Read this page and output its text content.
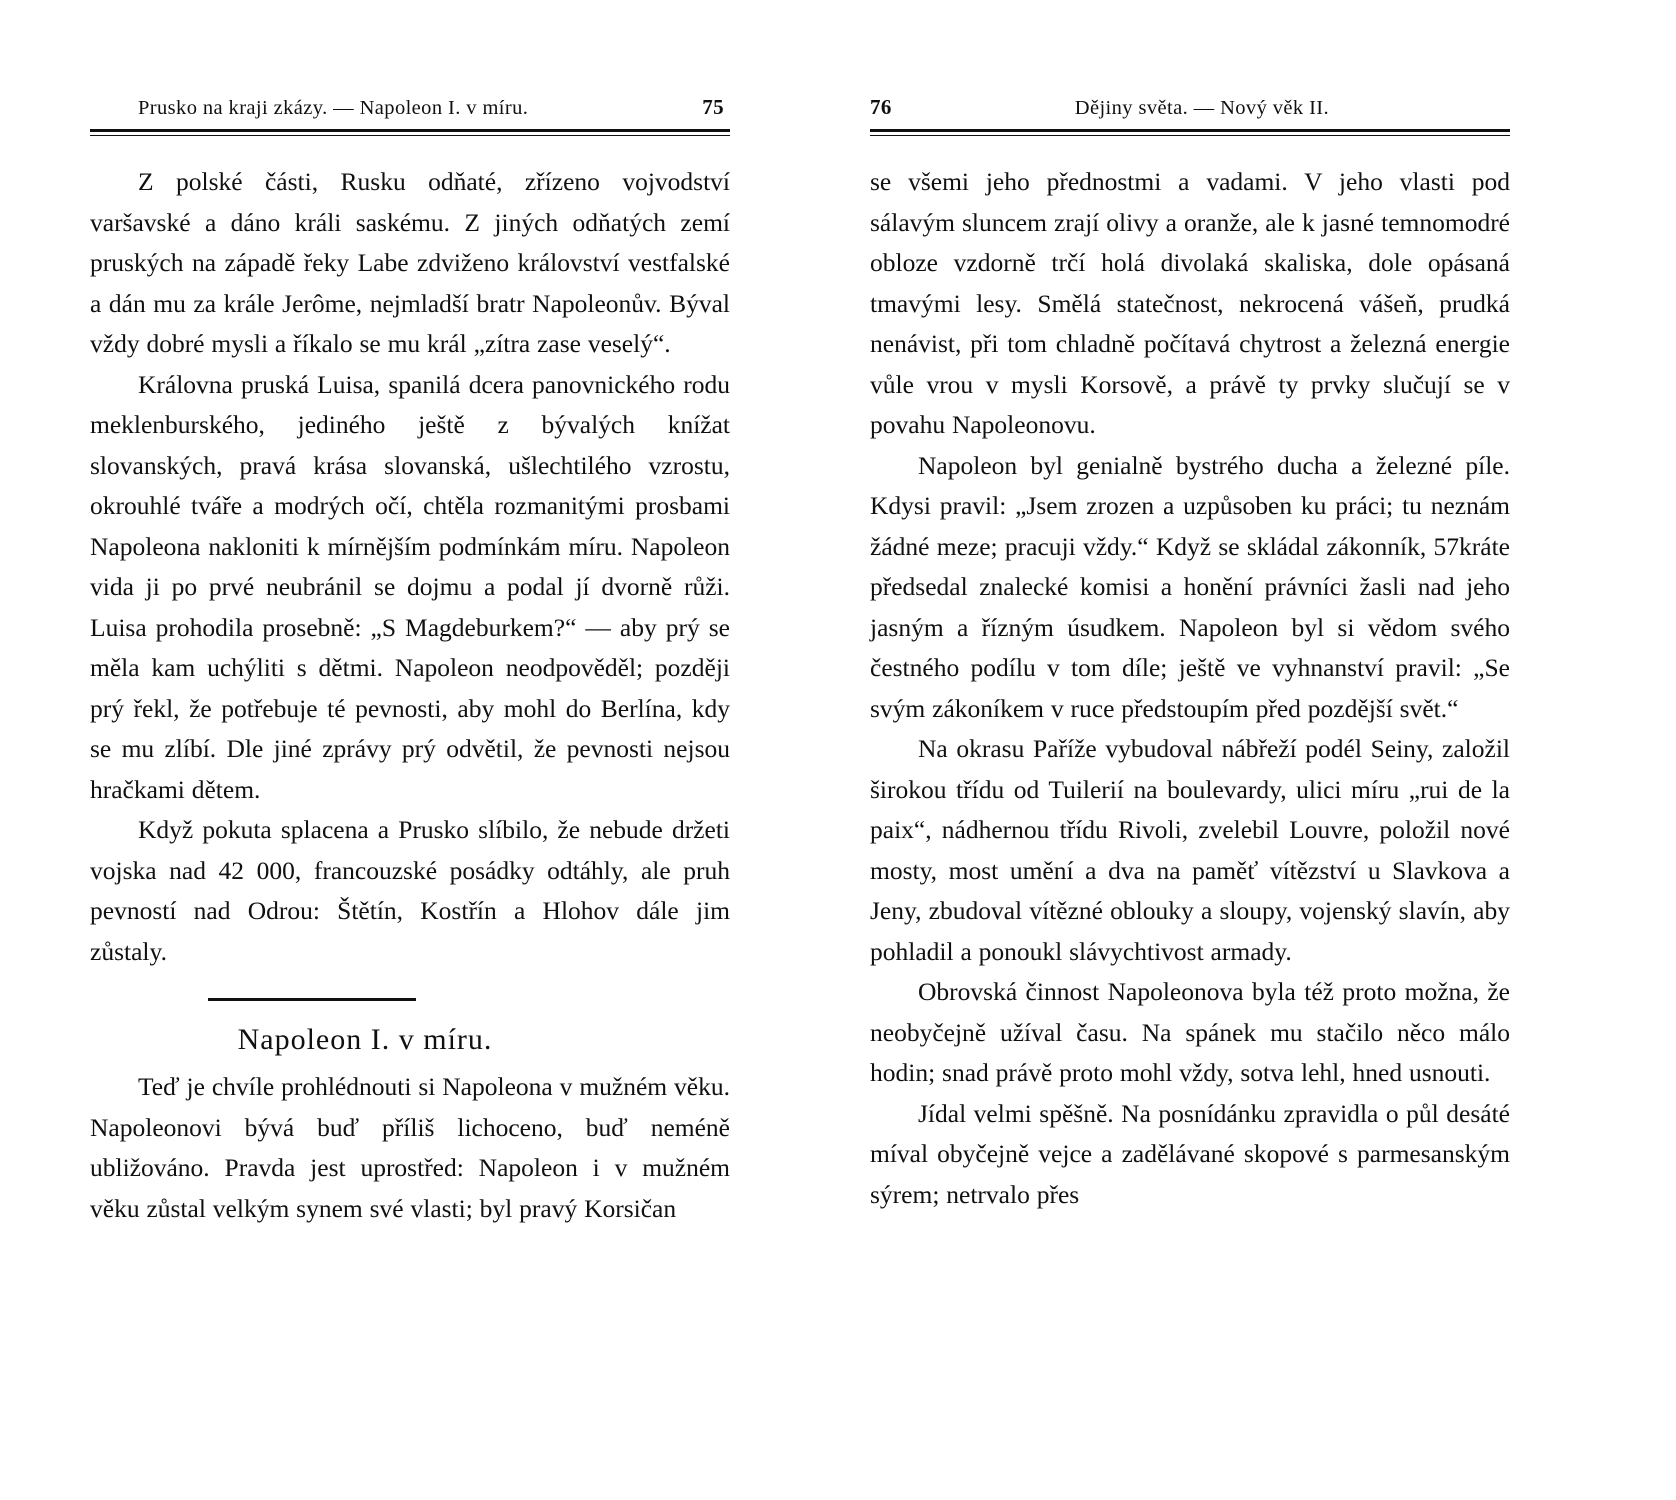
Prusko na kraji zkázy. — Napoleon I. v míru.	75

Z polské části, Rusku odňaté, zřízeno vojvodství varšavské a dáno králi saskému. Z jiných odňatých zemí pruských na západě řeky Labe zdviženo království vestfalské a dán mu za krále Jerôme, nejmladší bratr Napoleonův. Býval vždy dobré mysli a říkalo se mu král „zítra zase veselý“.

Královna pruská Luisa, spanilá dcera panovnického rodu meklenburského, jediného ještě z bývalých knížat slovanských, pravá krása slovanská, ušlechtilého vzrostu, okrouhlé tváře a modrých očí, chtěla rozmanitými prosbami Napoleona nakloniti k mírnějším podmínkám míru. Napoleon vida ji po prvé neubránil se dojmu a podal jí dvorně růži. Luisa prohodila prosebně: „S Magdeburkem?“ — aby prý se měla kam uchýliti s dětmi. Napoleon neodpověděl; později prý řekl, že potřebuje té pevnosti, aby mohl do Berlína, kdy se mu zlíbí. Dle jiné zprávy prý odvětil, že pevnosti nejsou hračkami dětem.

Když pokuta splacena a Prusko slíbilo, že nebude držeti vojska nad 42 000, francouzské posádky odtáhly, ale pruh pevností nad Odrou: Štětín, Kostřín a Hlohov dále jim zůstaly.

Napoleon I. v míru.

Teď je chvíle prohlédnouti si Napoleona v mužném věku. Napoleonovi bývá buď příliš lichoceno, buď neméně ubližováno. Pravda jest uprostřed: Napoleon i v mužném věku zůstal velkým synem své vlasti; byl pravý Korsičan

76	Dějiny světa. — Nový věk II.

se všemi jeho přednostmi a vadami. V jeho vlasti pod sálavým sluncem zrají olivy a oranže, ale k jasné temnomodré obloze vzdorně trčí holá divolaká skaliska, dole opásaná tmavými lesy. Smělá statečnost, nekrocená vášeň, prudká nenávist, při tom chladně počítavá chytrost a železná energie vůle vrou v mysli Korsově, a právě ty prvky slučují se v povahu Napoleonovu.

Napoleon byl genialně bystrého ducha a železné píle. Kdysi pravil: „Jsem zrozen a uzpůsoben ku práci; tu neznám žádné meze; pracuji vždy.“ Když se skládal zákonník, 57kráte předsedal znalecké komisi a honění právníci žasli nad jeho jasným a řízným úsudkem. Napoleon byl si vědom svého čestného podílu v tom díle; ještě ve vyhnanství pravil: „Se svým zákoníkem v ruce předstoupím před pozdější svět.“

Na okrasu Paříže vybudoval nábřeží podél Seiny, založil širokou třídu od Tuilerií na boulevardy, ulici míru „rui de la paix“, nádhernou třídu Rivoli, zvelebil Louvre, položil nové mosty, most umění a dva na paměť vítězství u Slavkova a Jeny, zbudoval vítězné oblouky a sloupy, vojenský slavín, aby pohladil a ponoukl slávychtivost armady.

Obrovská činnost Napoleonova byla též proto možna, že neobyčejně užíval času. Na spánek mu stačilo něco málo hodin; snad právě proto mohl vždy, sotva lehl, hned usnouti.

Jídal velmi spěšně. Na posnídánku zpravidla o půl desáté míval obyčejně vejce a zadělávané skopové s parmesanským sýrem; netrvalo přes
